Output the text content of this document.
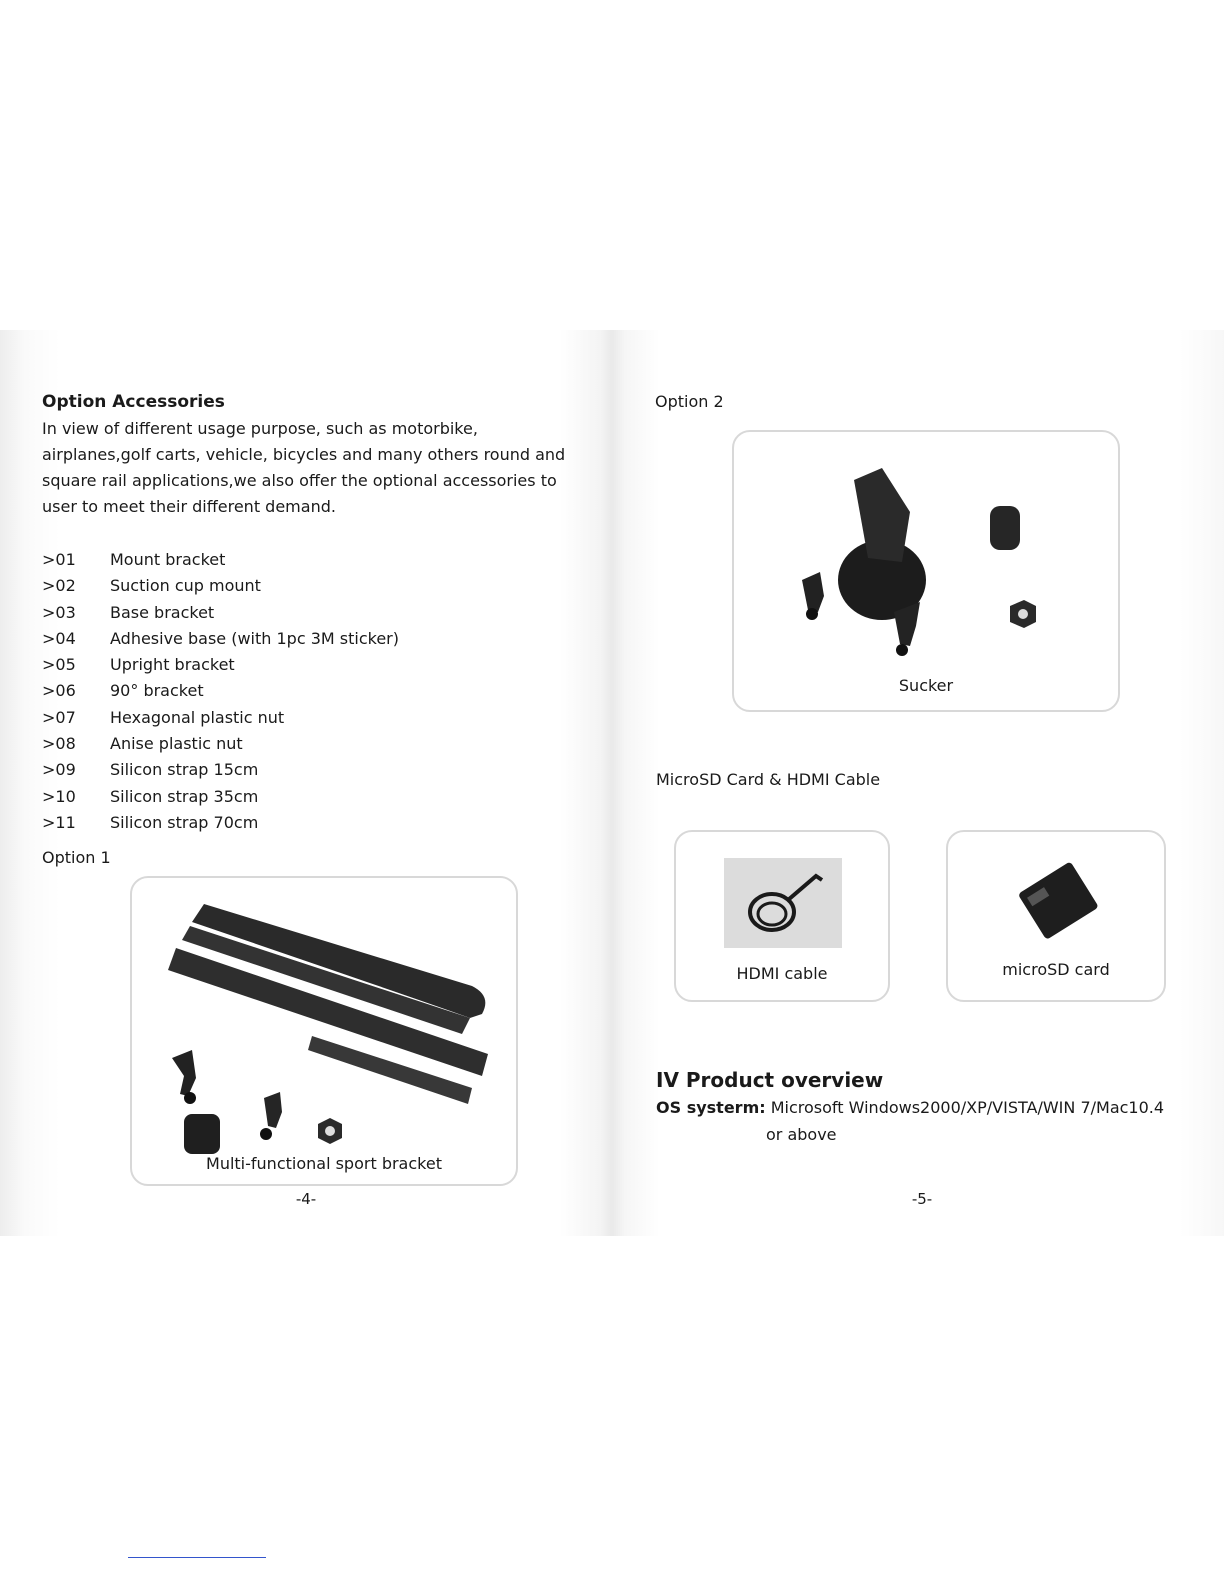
Option Accessories

In view of different usage purpose, such as motorbike, airplanes,golf carts, vehicle, bicycles and many others round and square rail applications,we also offer the optional accessories to user to meet their different demand.

>01 Mount bracket
>02 Suction cup mount
>03 Base bracket
>04 Adhesive base (with 1pc 3M sticker)
>05 Upright bracket
>06 90° bracket
>07 Hexagonal plastic nut
>08 Anise plastic nut
>09 Silicon strap 15cm
>10 Silicon strap 35cm
>11 Silicon strap 70cm

Option 1

Multi-functional sport bracket
-4-

Option 2

Sucker

MicroSD Card & HDMI Cable

HDMI cable	microSD card
IV Product overview

OS systerm: Microsoft Windows2000/XP/VISTA/WIN 7/Mac10.4

or above

-5-
